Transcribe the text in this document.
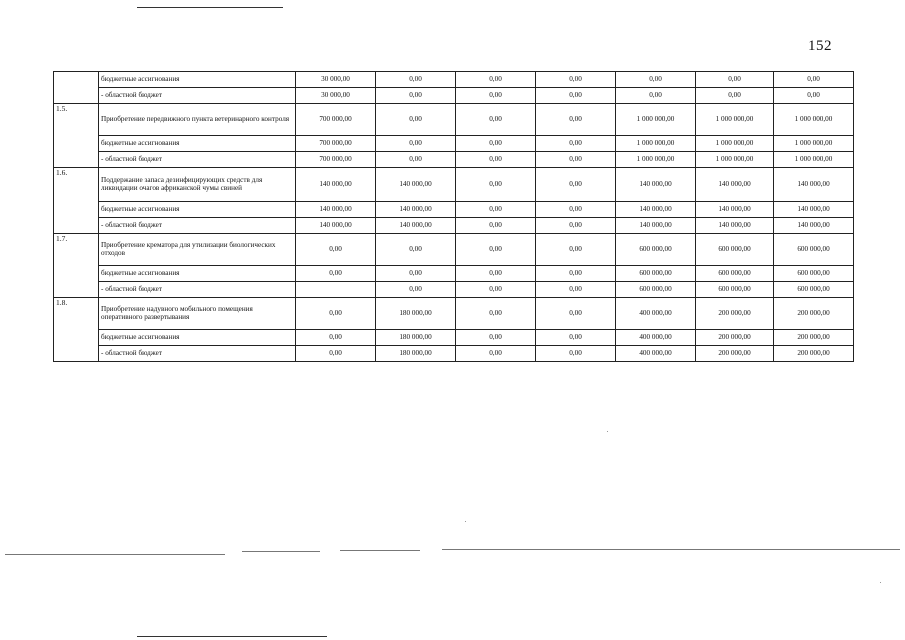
152
	бюджетные ассигнования	30 000,00	0,00	0,00	0,00	0,00	0,00	0,00
	- областной бюджет	30 000,00	0,00	0,00	0,00	0,00	0,00	0,00
1.5.	Приобретение передвижного пункта ветеринарного контроля	700 000,00	0,00	0,00	0,00	1 000 000,00	1 000 000,00	1 000 000,00
	бюджетные ассигнования	700 000,00	0,00	0,00	0,00	1 000 000,00	1 000 000,00	1 000 000,00
	- областной бюджет	700 000,00	0,00	0,00	0,00	1 000 000,00	1 000 000,00	1 000 000,00
1.6.	Поддержание запаса дезинфицирующих средств для ликвидации очагов африканской чумы свиней	140 000,00	140 000,00	0,00	0,00	140 000,00	140 000,00	140 000,00
	бюджетные ассигнования	140 000,00	140 000,00	0,00	0,00	140 000,00	140 000,00	140 000,00
	- областной бюджет	140 000,00	140 000,00	0,00	0,00	140 000,00	140 000,00	140 000,00
1.7.	Приобретение крематора для утилизации биологических отходов	0,00	0,00	0,00	0,00	600 000,00	600 000,00	600 000,00
	бюджетные ассигнования	0,00	0,00	0,00	0,00	600 000,00	600 000,00	600 000,00
	- областной бюджет		0,00	0,00	0,00	600 000,00	600 000,00	600 000,00
1.8.	Приобретение надувного мобильного помещения оперативного развертывания	0,00	180 000,00	0,00	0,00	400 000,00	200 000,00	200 000,00
	бюджетные ассигнования	0,00	180 000,00	0,00	0,00	400 000,00	200 000,00	200 000,00
	- областной бюджет	0,00	180 000,00	0,00	0,00	400 000,00	200 000,00	200 000,00
